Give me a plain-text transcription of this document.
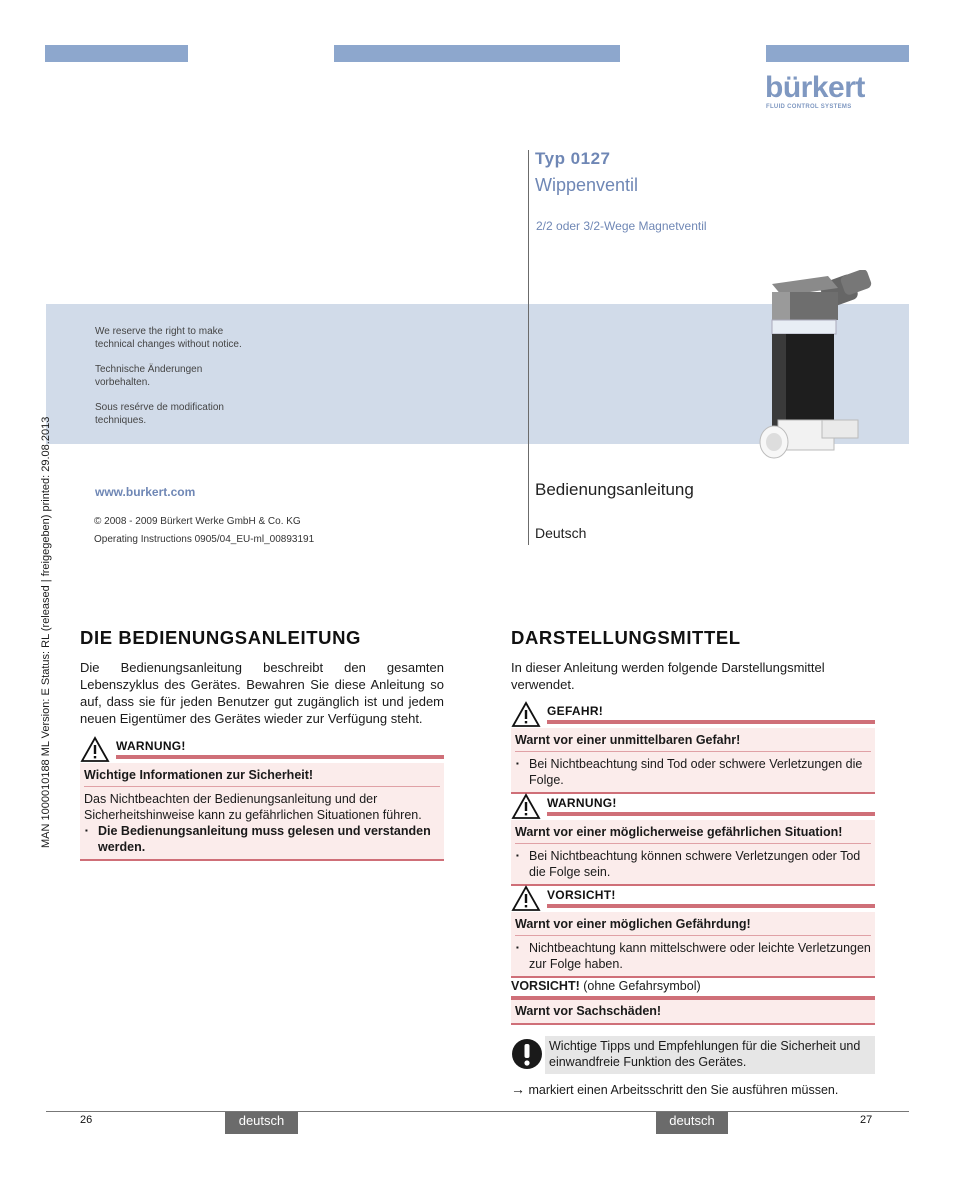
bürkert
FLUID CONTROL SYSTEMS
Typ 0127
Wippenventil
2/2 oder 3/2-Wege Magnetventil
We reserve the right to make technical changes without notice.
Technische Änderungen vorbehalten.
Sous resérve de modification techniques.
www.burkert.com
© 2008 - 2009 Bürkert Werke GmbH & Co. KG
Operating Instructions 0905/04_EU-ml_00893191
Bedienungsanleitung
Deutsch
MAN 1000010188 ML Version: E Status: RL (released | freigegeben) printed: 29.08.2013 DIE BEDIENUNGSANLEITUNG
Die Bedienungsanleitung beschreibt den gesamten Lebenszyklus des Gerätes. Bewahren Sie diese Anleitung so auf, dass sie für jeden Benutzer gut zugänglich ist und jedem neuen Eigentümer des Gerätes wieder zur Verfügung steht.
WARNUNG!
Wichtige Informationen zur Sicherheit!
Das Nichtbeachten der Bedienungsanleitung und der Sicherheitshinweise kann zu gefährlichen Situationen führen.
▪ Die Bedienungsanleitung muss gelesen und verstanden werden.
DARSTELLUNGSMITTEL
In dieser Anleitung werden folgende Darstellungsmittel verwendet.
GEFAHR!
Warnt vor einer unmittelbaren Gefahr!
▪ Bei Nichtbeachtung sind Tod oder schwere Verletzungen die Folge.
WARNUNG!
Warnt vor einer möglicherweise gefährlichen Situation!
▪ Bei Nichtbeachtung können schwere Verletzungen oder Tod die Folge sein.
VORSICHT!
Warnt vor einer möglichen Gefährdung!
▪ Nichtbeachtung kann mittelschwere oder leichte Verletzungen zur Folge haben.
VORSICHT! (ohne Gefahrsymbol)
Warnt vor Sachschäden!
Wichtige Tipps und Empfehlungen für die Sicherheit und einwandfreie Funktion des Gerätes.
→ markiert einen Arbeitsschritt den Sie ausführen müssen.
26	deutsch	deutsch	27
